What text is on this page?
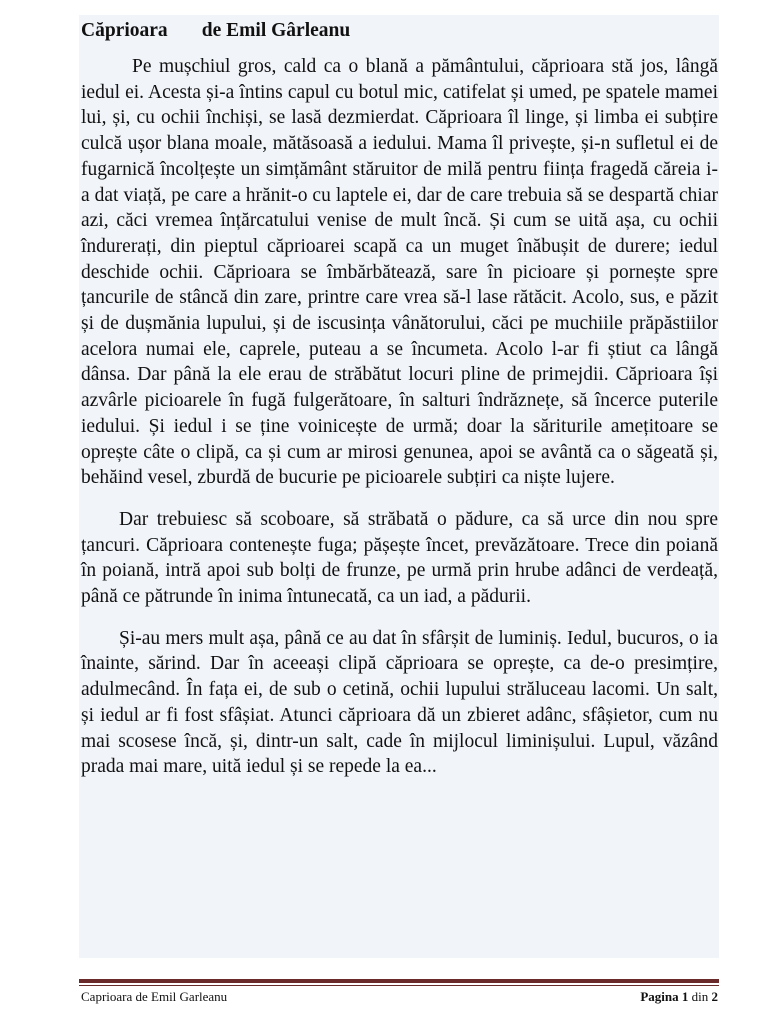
Căprioara       de Emil Gârleanu

Pe mușchiul gros, cald ca o blană a pământului, căprioara stă jos, lângă iedul ei. Acesta și-a întins capul cu botul mic, catifelat și umed, pe spatele mamei lui, și, cu ochii închiși, se lasă dezmierdat. Căprioara îl linge, și limba ei subțire culcă ușor blana moale, mătăsoasă a iedului. Mama îl privește, și-n sufletul ei de fugarnică încolțește un simțământ stăruitor de milă pentru ființa fragedă căreia i-a dat viață, pe care a hrănit-o cu laptele ei, dar de care trebuia să se despartă chiar azi, căci vremea înțărcatului venise de mult încă. Și cum se uită așa, cu ochii îndurerați, din pieptul căprioarei scapă ca un muget înăbușit de durere; iedul deschide ochii. Căprioara se îmbărbătează, sare în picioare și pornește spre țancurile de stâncă din zare, printre care vrea să-l lase rătăcit. Acolo, sus, e păzit și de dușmănia lupului, și de iscusința vânătorului, căci pe muchiile prăpăstiilor acelora numai ele, caprele, puteau a se încumeta. Acolo l-ar fi știut ca lângă dânsa. Dar până la ele erau de străbătut locuri pline de primejdii. Căprioara își azvârle picioarele în fugă fulgerătoare, în salturi îndrăznețe, să încerce puterile iedului. Și iedul i se ține voinicește de urmă; doar la săriturile amețitoare se oprește câte o clipă, ca și cum ar mirosi genunea, apoi se avântă ca o săgeată și, behăind vesel, zburdă de bucurie pe picioarele subțiri ca niște lujere.

Dar trebuiesc să scoboare, să străbată o pădure, ca să urce din nou spre țancuri. Căprioara contenește fuga; pășește încet, prevăzătoare. Trece din poiană în poiană, intră apoi sub bolți de frunze, pe urmă prin hrube adânci de verdeață, până ce pătrunde în inima întunecată, ca un iad, a pădurii.

Și-au mers mult așa, până ce au dat în sfârșit de luminiș. Iedul, bucuros, o ia înainte, sărind. Dar în aceeași clipă căprioara se oprește, ca de-o presimțire, adulmecând. În fața ei, de sub o cetină, ochii lupului străluceau lacomi. Un salt, și iedul ar fi fost sfâșiat. Atunci căprioara dă un zbieret adânc, sfâșietor, cum nu mai scosese încă, și, dintr-un salt, cade în mijlocul liminișului. Lupul, văzând prada mai mare, uită iedul și se repede la ea...

Caprioara de Emil Garleanu	Pagina 1 din 2
